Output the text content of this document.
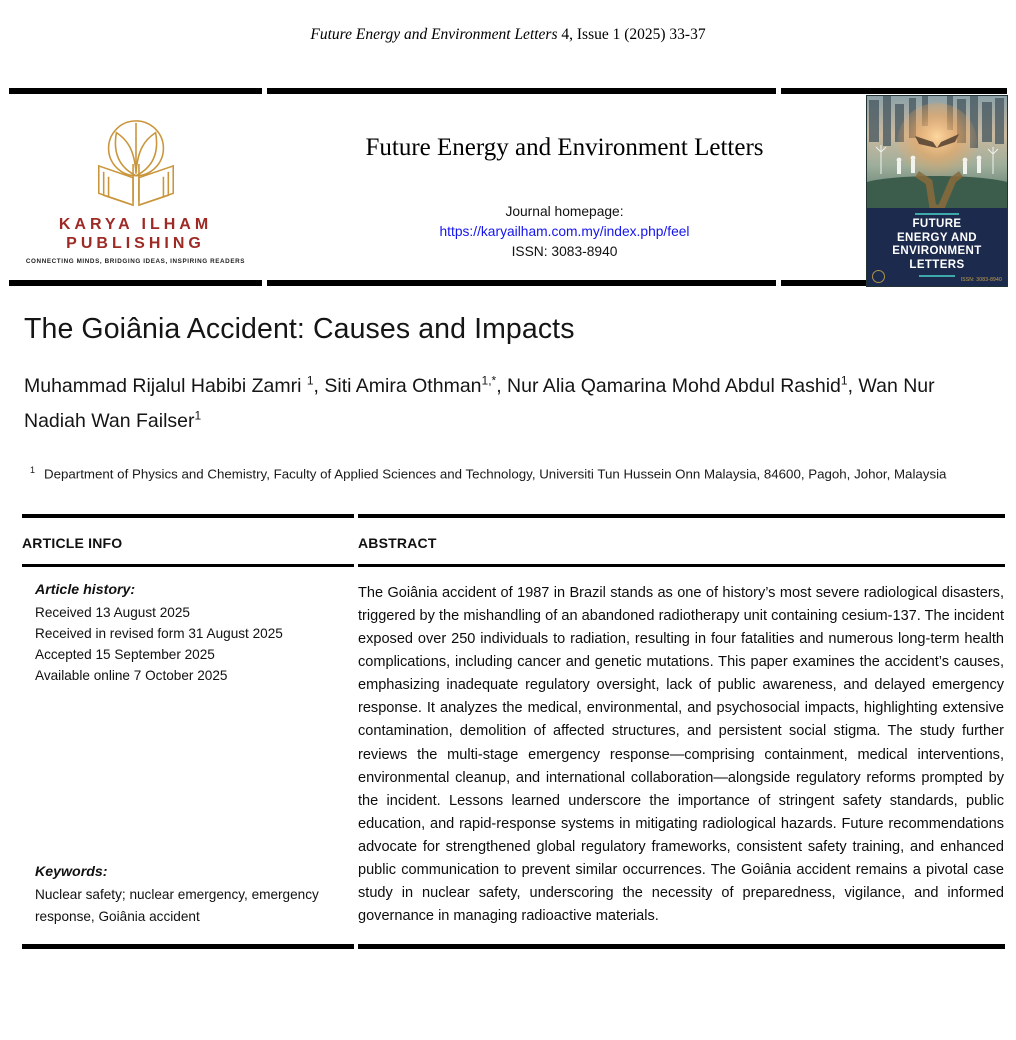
Future Energy and Environment Letters 4, Issue 1 (2025) 33-37
KARYA ILHAM
PUBLISHING
CONNECTING MINDS, BRIDGING IDEAS, INSPIRING READERS
Future Energy and Environment Letters
Journal homepage:
https://karyailham.com.my/index.php/feel
ISSN: 3083-8940
FUTURE
ENERGY AND
ENVIRONMENT
LETTERS
ISSN: 3083-8940
The Goiânia Accident: Causes and Impacts
Muhammad Rijalul Habibi Zamri $^1$, Siti Amira Othman$^{1,*}$, Nur Alia Qamarina Mohd Abdul Rashid$^1$, Wan Nur Nadiah Wan Failser$^1$
$^1$ Department of Physics and Chemistry, Faculty of Applied Sciences and Technology, Universiti Tun Hussein Onn Malaysia, 84600, Pagoh, Johor, Malaysia
ARTICLE INFO	ABSTRACT
Article history:
Received 13 August 2025
Received in revised form 31 August 2025
Accepted 15 September 2025
Available online 7 October 2025
Keywords:
Nuclear safety; nuclear emergency, emergency response, Goiânia accident

The Goiânia accident of 1987 in Brazil stands as one of history’s most severe radiological disasters, triggered by the mishandling of an abandoned radiotherapy unit containing cesium-137. The incident exposed over 250 individuals to radiation, resulting in four fatalities and numerous long-term health complications, including cancer and genetic mutations. This paper examines the accident’s causes, emphasizing inadequate regulatory oversight, lack of public awareness, and delayed emergency response. It analyzes the medical, environmental, and psychosocial impacts, highlighting extensive contamination, demolition of affected structures, and persistent social stigma. The study further reviews the multi-stage emergency response—comprising containment, medical interventions, environmental cleanup, and international collaboration—alongside regulatory reforms prompted by the incident. Lessons learned underscore the importance of stringent safety standards, public education, and rapid-response systems in mitigating radiological hazards. Future recommendations advocate for strengthened global regulatory frameworks, consistent safety training, and enhanced public communication to prevent similar occurrences. The Goiânia accident remains a pivotal case study in nuclear safety, underscoring the necessity of preparedness, vigilance, and informed governance in managing radioactive materials.
